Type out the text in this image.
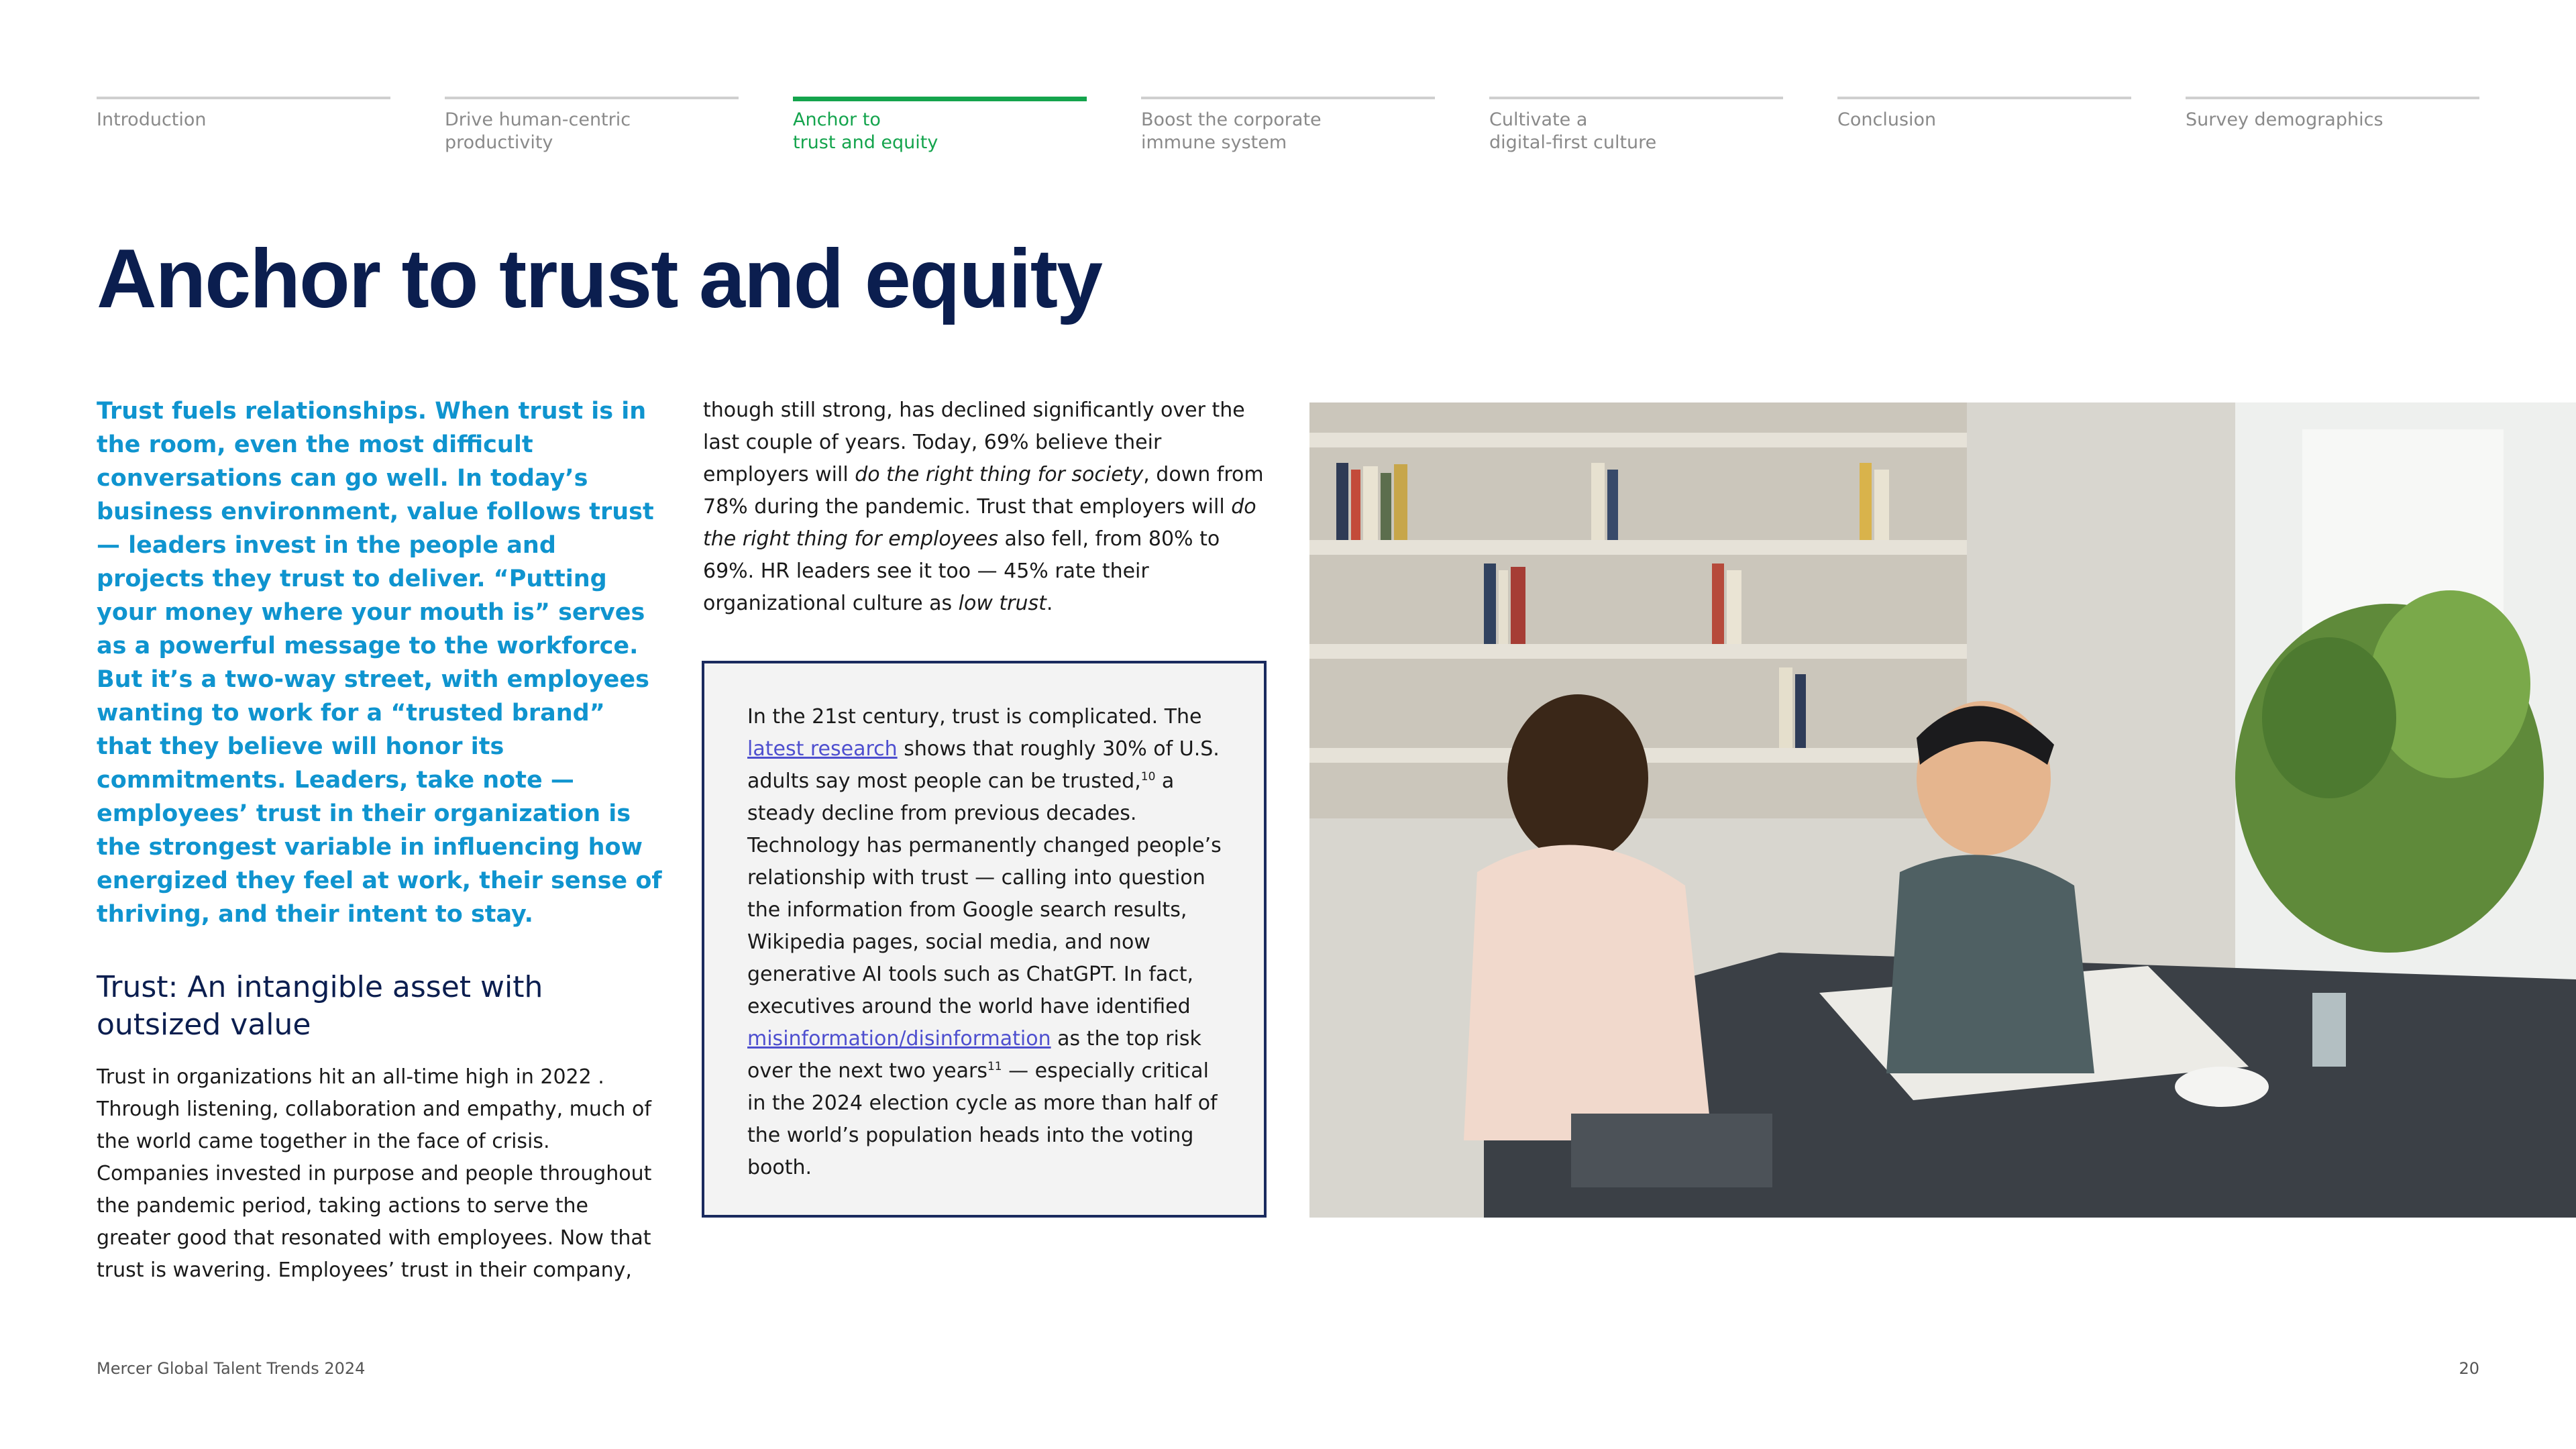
Introduction	Drive human-centric
productivity
Anchor to
trust and equity
Boost the corporate
immune system
Cultivate a
digital-first culture
Conclusion	Survey demographics
Anchor to trust and equity

Trust fuels relationships. When trust is in the room, even the most difficult conversations can go well. In today’s business environment, value follows trust — leaders invest in the people and projects they trust to deliver. “Putting your money where your mouth is” serves as a powerful message to the workforce. But it’s a two-way street, with employees wanting to work for a “trusted brand” that they believe will honor its commitments. Leaders, take note — employees’ trust in their organization is the strongest variable in influencing how energized they feel at work, their sense of thriving, and their intent to stay.

Trust: An intangible asset with outsized value

Trust in organizations hit an all-time high in 2022 . Through listening, collaboration and empathy, much of the world came together in the face of crisis. Companies invested in purpose and people throughout the pandemic period, taking actions to serve the greater good that resonated with employees. Now that trust is wavering. Employees’ trust in their company,

though still strong, has declined significantly over the last couple of years. Today, 69% believe their employers will do the right thing for society, down from 78% during the pandemic. Trust that employers will do the right thing for employees also fell, from 80% to 69%. HR leaders see it too — 45% rate their organizational culture as low trust.

In the 21st century, trust is complicated. The latest research shows that roughly 30% of U.S. adults say most people can be trusted,$^{10}$ a steady decline from previous decades. Technology has permanently changed people’s relationship with trust — calling into question the information from Google search results, Wikipedia pages, social media, and now generative AI tools such as ChatGPT. In fact, executives around the world have identified misinformation/disinformation as the top risk over the next two years$^{11}$ — especially critical in the 2024 election cycle as more than half of the world’s population heads into the voting booth.

Mercer Global Talent Trends 2024	20
